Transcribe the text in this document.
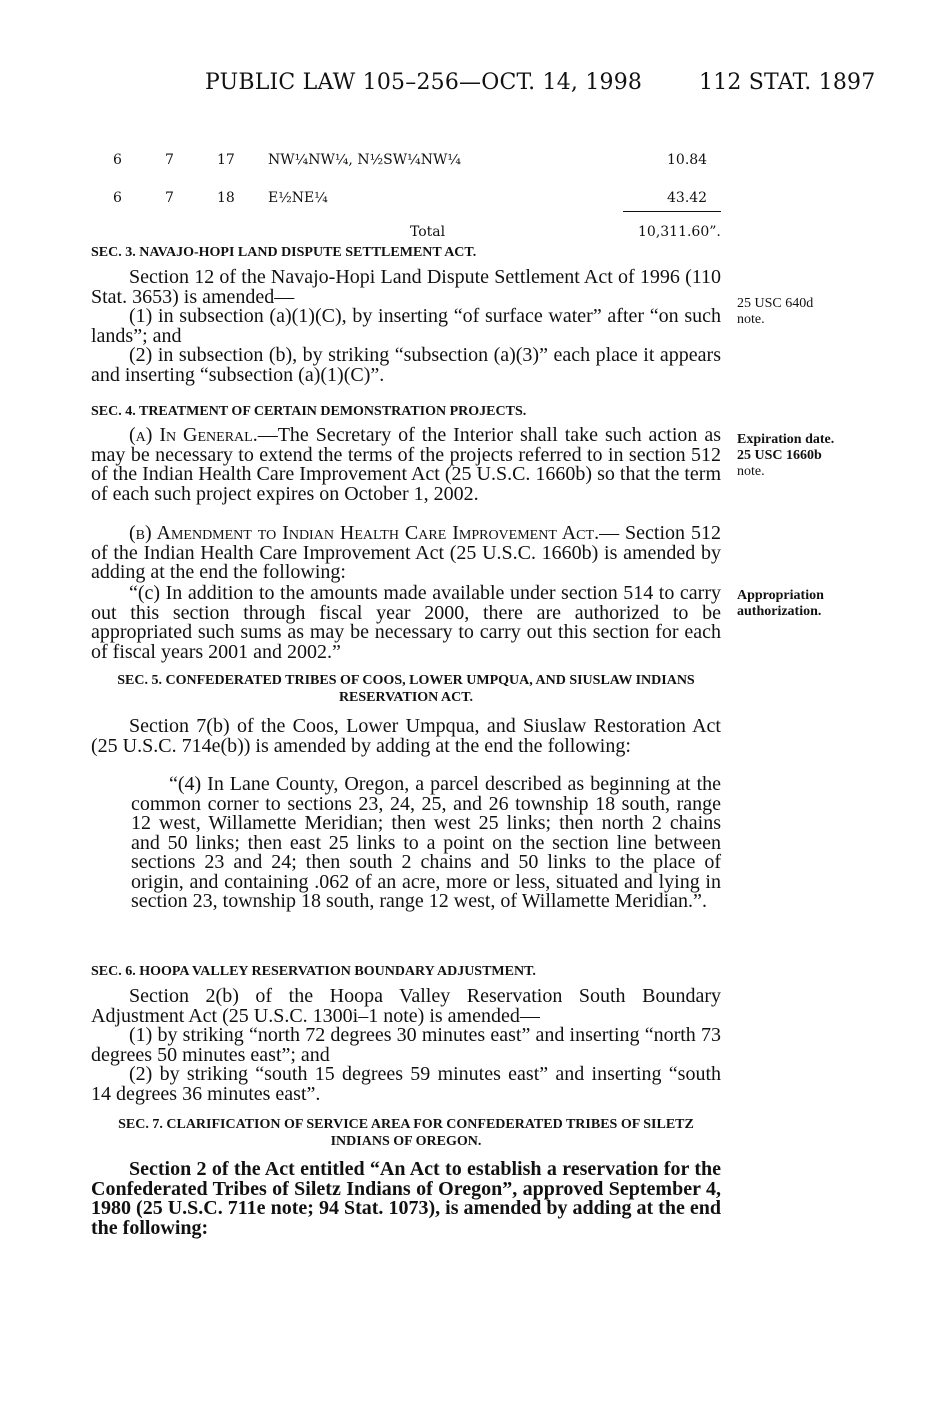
PUBLIC LAW 105–256—OCT. 14, 1998	112 STAT. 1897
6	7	17 NW¼NW¼, N½SW¼NW¼	10.84
6	7	18 E½NE¼	43.42
Total	10,311.60”.
SEC. 3. NAVAJO-HOPI LAND DISPUTE SETTLEMENT ACT.
Section 12 of the Navajo-Hopi Land Dispute Settlement Act of 1996 (110 Stat. 3653) is amended—
(1) in subsection (a)(1)(C), by inserting “of surface water” after “on such lands”; and
(2) in subsection (b), by striking “subsection (a)(3)” each place it appears and inserting “subsection (a)(1)(C)”.
25 USC 640d
note.
SEC. 4. TREATMENT OF CERTAIN DEMONSTRATION PROJECTS.
(a) In General.—The Secretary of the Interior shall take such action as may be necessary to extend the terms of the projects referred to in section 512 of the Indian Health Care Improvement Act (25 U.S.C. 1660b) so that the term of each such project expires on October 1, 2002.
(b) Amendment to Indian Health Care Improvement Act.— Section 512 of the Indian Health Care Improvement Act (25 U.S.C. 1660b) is amended by adding at the end the following:
“(c) In addition to the amounts made available under section 514 to carry out this section through fiscal year 2000, there are authorized to be appropriated such sums as may be necessary to carry out this section for each of fiscal years 2001 and 2002.”
Expiration date.
25 USC 1660b
note.
Appropriation
authorization.
SEC. 5. CONFEDERATED TRIBES OF COOS, LOWER UMPQUA, AND SIUSLAW INDIANS RESERVATION ACT.
Section 7(b) of the Coos, Lower Umpqua, and Siuslaw Restoration Act (25 U.S.C. 714e(b)) is amended by adding at the end the following:
“(4) In Lane County, Oregon, a parcel described as beginning at the common corner to sections 23, 24, 25, and 26 township 18 south, range 12 west, Willamette Meridian; then west 25 links; then north 2 chains and 50 links; then east 25 links to a point on the section line between sections 23 and 24; then south 2 chains and 50 links to the place of origin, and containing .062 of an acre, more or less, situated and lying in section 23, township 18 south, range 12 west, of Willamette Meridian.”.
SEC. 6. HOOPA VALLEY RESERVATION BOUNDARY ADJUSTMENT.
Section 2(b) of the Hoopa Valley Reservation South Boundary Adjustment Act (25 U.S.C. 1300i–1 note) is amended—
(1) by striking “north 72 degrees 30 minutes east” and inserting “north 73 degrees 50 minutes east”; and
(2) by striking “south 15 degrees 59 minutes east” and inserting “south 14 degrees 36 minutes east”.
SEC. 7. CLARIFICATION OF SERVICE AREA FOR CONFEDERATED TRIBES OF SILETZ INDIANS OF OREGON.
Section 2 of the Act entitled “An Act to establish a reservation for the Confederated Tribes of Siletz Indians of Oregon”, approved September 4, 1980 (25 U.S.C. 711e note; 94 Stat. 1073), is amended by adding at the end the following:
